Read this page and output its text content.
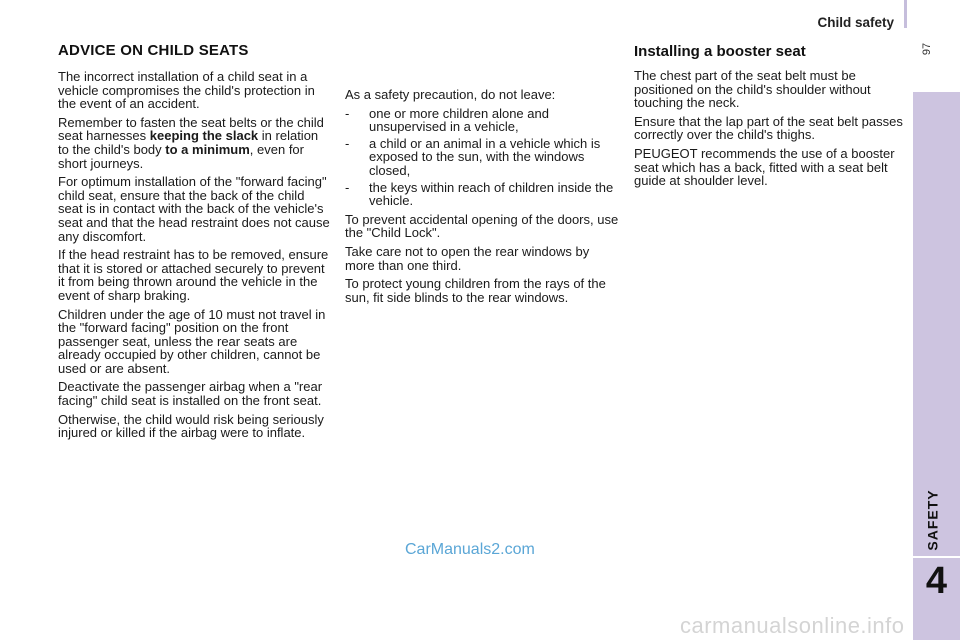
Child safety
97
SAFETY
4
ADVICE ON CHILD SEATS

The incorrect installation of a child seat in a vehicle compromises the child's protection in the event of an accident.

Remember to fasten the seat belts or the child seat harnesses keeping the slack in relation to the child's body to a minimum, even for short journeys.

For optimum installation of the "forward facing" child seat, ensure that the back of the child seat is in contact with the back of the vehicle's seat and that the head restraint does not cause any discomfort.

If the head restraint has to be removed, ensure that it is stored or attached securely to prevent it from being thrown around the vehicle in the event of sharp braking.

Children under the age of 10 must not travel in the "forward facing" position on the front passenger seat, unless the rear seats are already occupied by other children, cannot be used or are absent.

Deactivate the passenger airbag when a "rear facing" child seat is installed on the front seat.

Otherwise, the child would risk being seriously injured or killed if the airbag were to inflate.

As a safety precaution, do not leave:

- one or more children alone and unsupervised in a vehicle,
- a child or an animal in a vehicle which is exposed to the sun, with the windows closed,
- the keys within reach of children inside the vehicle.

To prevent accidental opening of the doors, use the "Child Lock".

Take care not to open the rear windows by more than one third.

To protect young children from the rays of the sun, fit side blinds to the rear windows.

Installing a booster seat

The chest part of the seat belt must be positioned on the child's shoulder without touching the neck.

Ensure that the lap part of the seat belt passes correctly over the child's thighs.

PEUGEOT recommends the use of a booster seat which has a back, fitted with a seat belt guide at shoulder level.

CarManuals2.com
carmanualsonline.info
